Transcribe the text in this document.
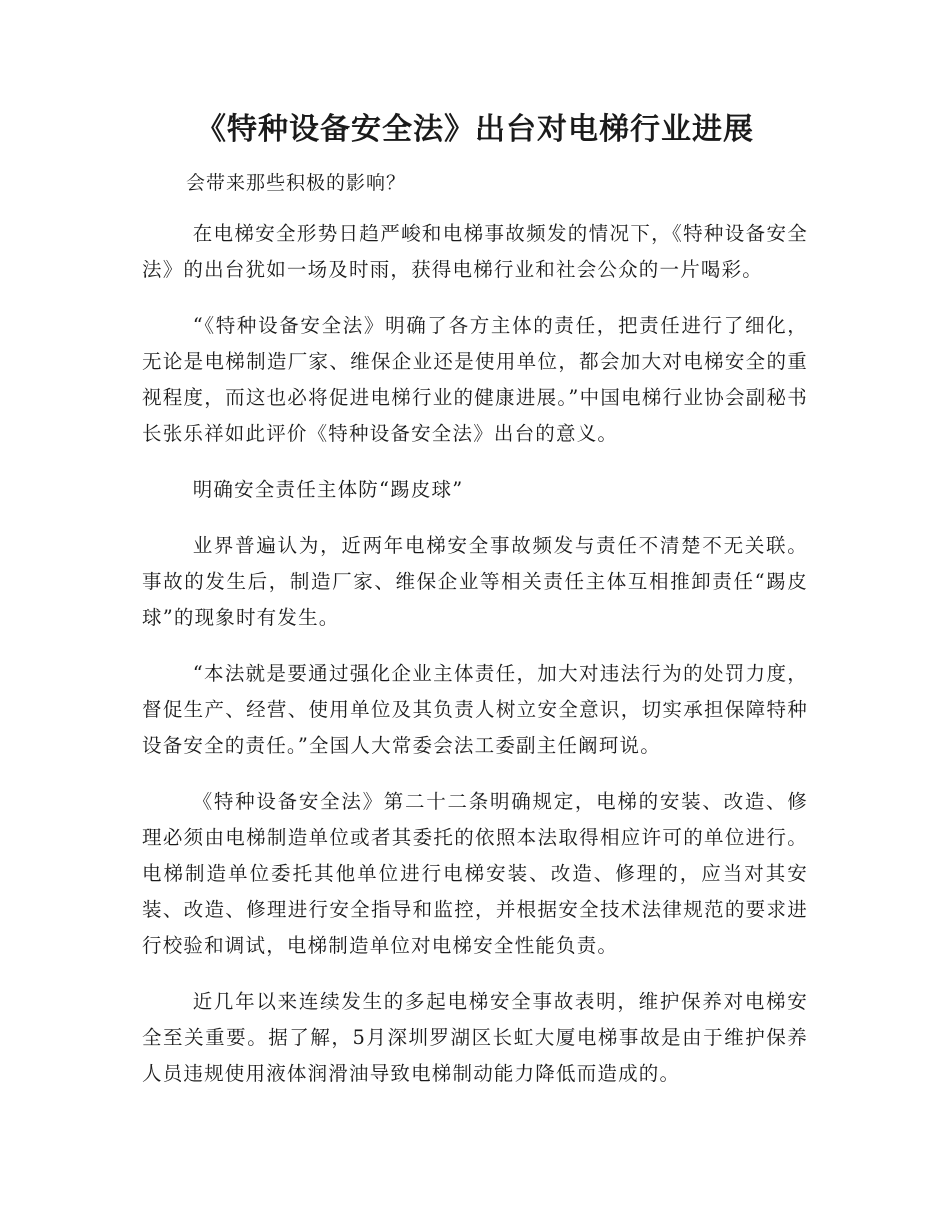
《特种设备安全法》出台对电梯行业进展

会带来那些积极的影响？

在电梯安全形势日趋严峻和电梯事故频发的情况下，《特种设备安全法》的出台犹如一场及时雨，获得电梯行业和社会公众的一片喝彩。

“《特种设备安全法》明确了各方主体的责任，把责任进行了细化，无论是电梯制造厂家、维保企业还是使用单位，都会加大对电梯安全的重视程度，而这也必将促进电梯行业的健康进展。”中国电梯行业协会副秘书长张乐祥如此评价《特种设备安全法》出台的意义。

明确安全责任主体防“踢皮球”

业界普遍认为，近两年电梯安全事故频发与责任不清楚不无关联。事故的发生后，制造厂家、维保企业等相关责任主体互相推卸责任“踢皮球”的现象时有发生。

“本法就是要通过强化企业主体责任，加大对违法行为的处罚力度，督促生产、经营、使用单位及其负责人树立安全意识，切实承担保障特种设备安全的责任。”全国人大常委会法工委副主任阚珂说。

《特种设备安全法》第二十二条明确规定，电梯的安装、改造、修理必须由电梯制造单位或者其委托的依照本法取得相应许可的单位进行。电梯制造单位委托其他单位进行电梯安装、改造、修理的，应当对其安装、改造、修理进行安全指导和监控，并根据安全技术法律规范的要求进行校验和调试，电梯制造单位对电梯安全性能负责。

近几年以来连续发生的多起电梯安全事故表明，维护保养对电梯安全至关重要。据了解，5月深圳罗湖区长虹大厦电梯事故是由于维护保养人员违规使用液体润滑油导致电梯制动能力降低而造成的。
